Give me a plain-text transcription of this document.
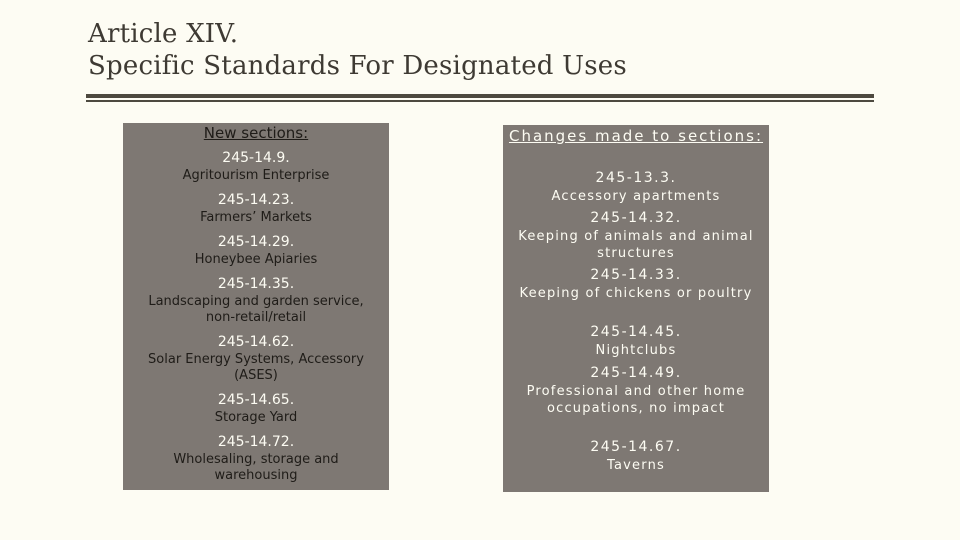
Article XIV.
Specific Standards For Designated Uses
New sections:
245-14.9.
Agritourism Enterprise
245-14.23.
Farmers’ Markets
245-14.29.
Honeybee Apiaries
245-14.35.
Landscaping and garden service, non-retail/retail
245-14.62.
Solar Energy Systems, Accessory (ASES)
245-14.65.
Storage Yard
245-14.72.
Wholesaling, storage and warehousing
Changes made to sections:
245-13.3.
Accessory apartments
245-14.32.
Keeping of animals and animal structures
245-14.33.
Keeping of chickens or poultry
245-14.45.
Nightclubs
245-14.49.
Professional and other home occupations, no impact
245-14.67.
Taverns
